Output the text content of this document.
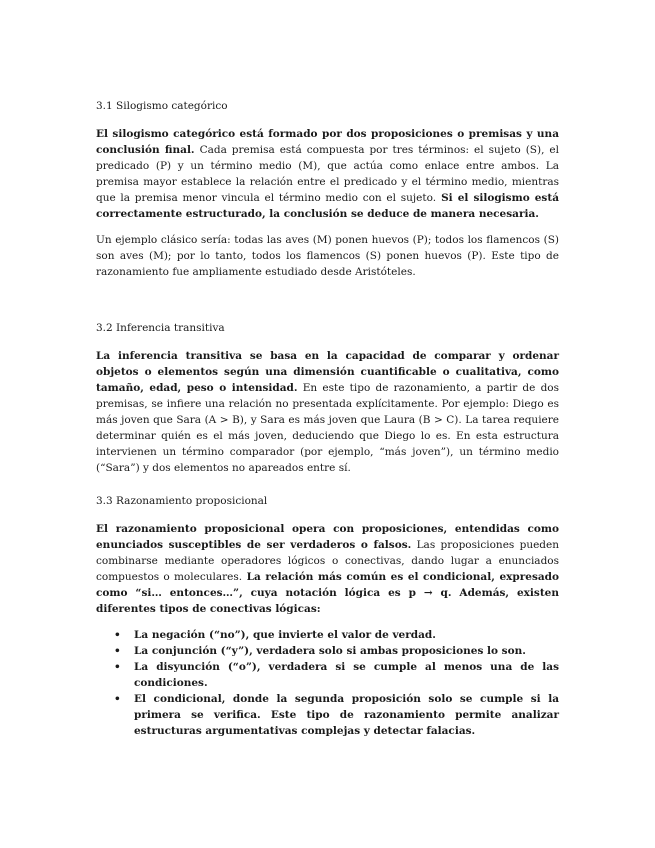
3.1 Silogismo categórico

El silogismo categórico está formado por dos proposiciones o premisas y una conclusión final. Cada premisa está compuesta por tres términos: el sujeto (S), el predicado (P) y un término medio (M), que actúa como enlace entre ambos. La premisa mayor establece la relación entre el predicado y el término medio, mientras que la premisa menor vincula el término medio con el sujeto. Si el silogismo está correctamente estructurado, la conclusión se deduce de manera necesaria.

Un ejemplo clásico sería: todas las aves (M) ponen huevos (P); todos los flamencos (S) son aves (M); por lo tanto, todos los flamencos (S) ponen huevos (P). Este tipo de razonamiento fue ampliamente estudiado desde Aristóteles.

3.2 Inferencia transitiva

La inferencia transitiva se basa en la capacidad de comparar y ordenar objetos o elementos según una dimensión cuantificable o cualitativa, como tamaño, edad, peso o intensidad. En este tipo de razonamiento, a partir de dos premisas, se infiere una relación no presentada explícitamente. Por ejemplo: Diego es más joven que Sara (A > B), y Sara es más joven que Laura (B > C). La tarea requiere determinar quién es el más joven, deduciendo que Diego lo es. En esta estructura intervienen un término comparador (por ejemplo, “más joven”), un término medio (“Sara”) y dos elementos no apareados entre sí.

3.3 Razonamiento proposicional

El razonamiento proposicional opera con proposiciones, entendidas como enunciados susceptibles de ser verdaderos o falsos. Las proposiciones pueden combinarse mediante operadores lógicos o conectivas, dando lugar a enunciados compuestos o moleculares. La relación más común es el condicional, expresado como “si… entonces…”, cuya notación lógica es p → q. Además, existen diferentes tipos de conectivas lógicas:

• La negación (“no”), que invierte el valor de verdad.
• La conjunción (“y”), verdadera solo si ambas proposiciones lo son.
• La disyunción (“o”), verdadera si se cumple al menos una de las condiciones.
• El condicional, donde la segunda proposición solo se cumple si la primera se verifica. Este tipo de razonamiento permite analizar estructuras argumentativas complejas y detectar falacias.
